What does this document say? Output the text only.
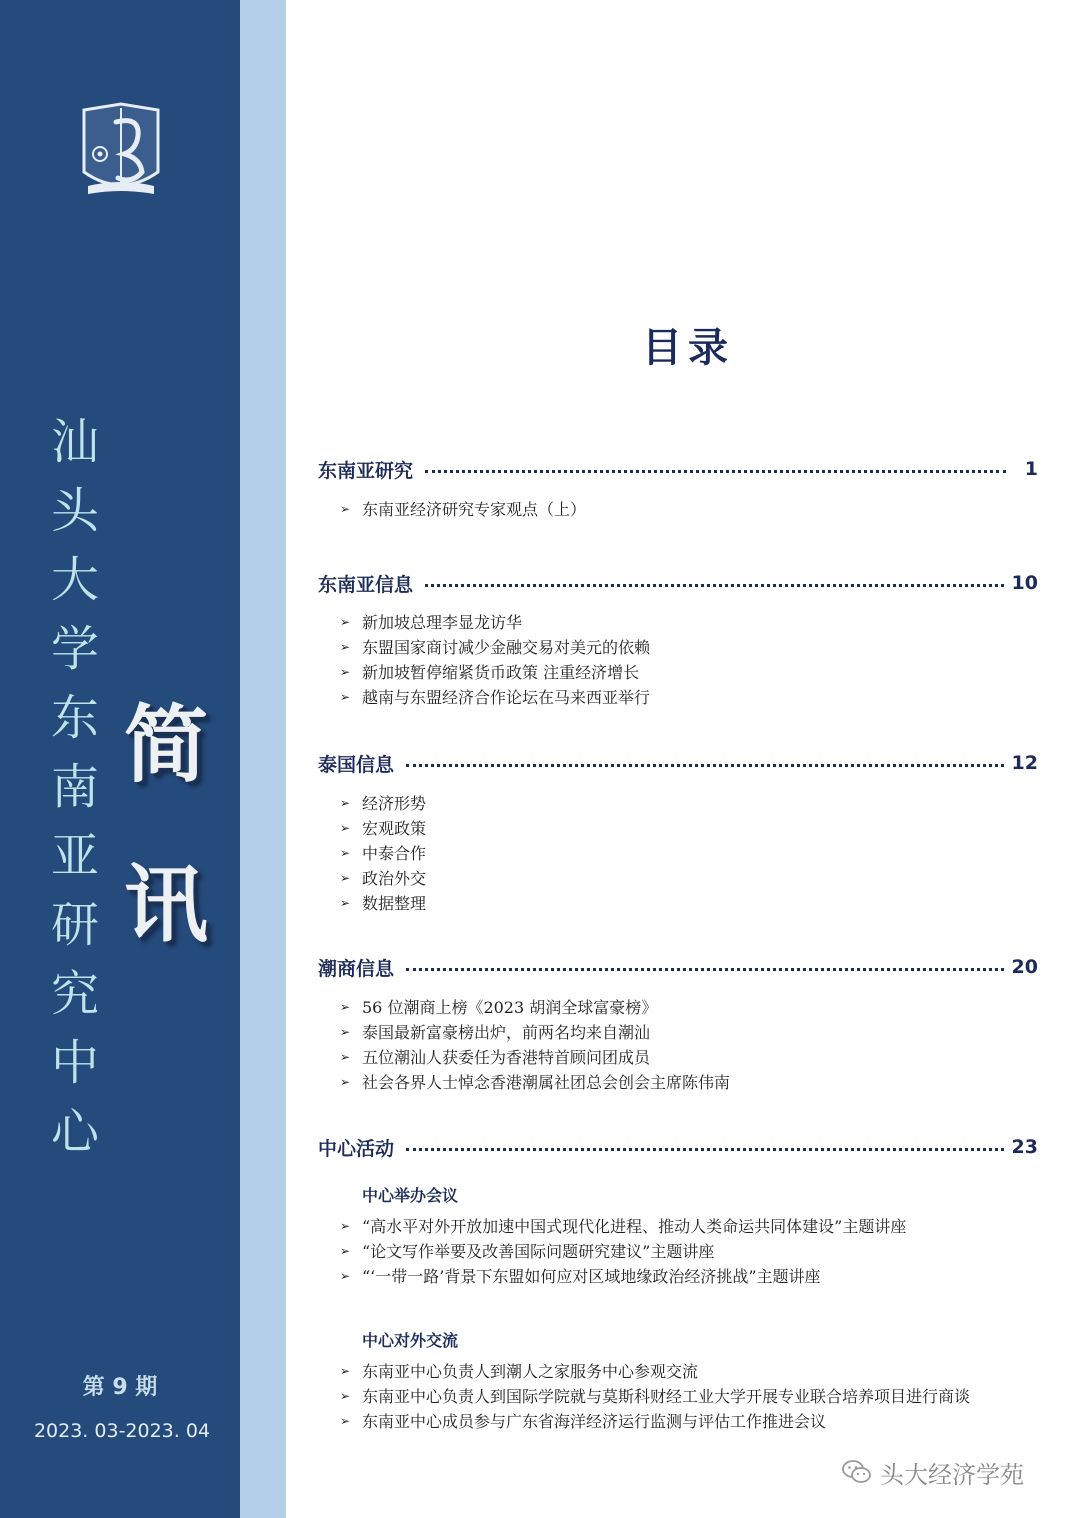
汕
头
大
学
东
南
亚
研
究
中
心
简
讯
第 9 期
2023. 03-2023. 04
目录
东南亚研究	1
➢ 东南亚经济研究专家观点（上）
东南亚信息	10
➢ 新加坡总理李显龙访华
➢ 东盟国家商讨减少金融交易对美元的依赖
➢ 新加坡暂停缩紧货币政策 注重经济增长
➢ 越南与东盟经济合作论坛在马来西亚举行
泰国信息	12
➢ 经济形势
➢ 宏观政策
➢ 中泰合作
➢ 政治外交
➢ 数据整理
潮商信息	20
➢ 56 位潮商上榜《2023 胡润全球富豪榜》
➢ 泰国最新富豪榜出炉，前两名均来自潮汕
➢ 五位潮汕人获委任为香港特首顾问团成员
➢ 社会各界人士悼念香港潮属社团总会创会主席陈伟南
中心活动	23
中心举办会议
➢ “高水平对外开放加速中国式现代化进程、推动人类命运共同体建设”主题讲座
➢ “论文写作举要及改善国际问题研究建议”主题讲座
➢ “‘一带一路’背景下东盟如何应对区域地缘政治经济挑战”主题讲座
中心对外交流
➢ 东南亚中心负责人到潮人之家服务中心参观交流
➢ 东南亚中心负责人到国际学院就与莫斯科财经工业大学开展专业联合培养项目进行商谈
➢ 东南亚中心成员参与广东省海洋经济运行监测与评估工作推进会议
头大经济学苑
